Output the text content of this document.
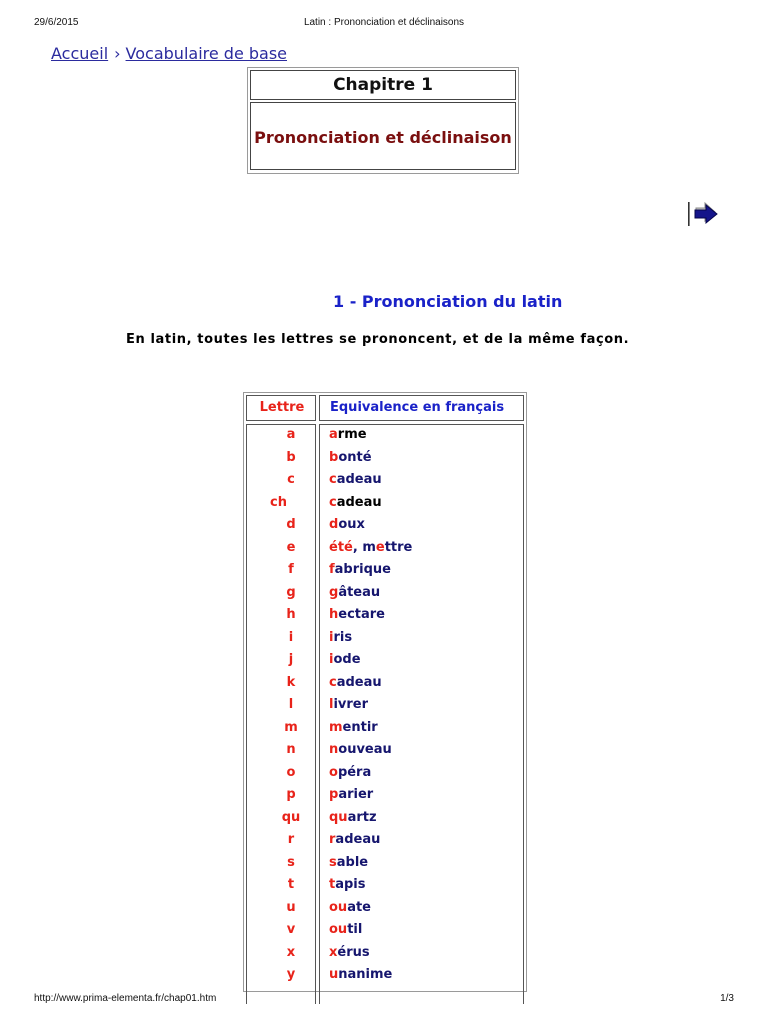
29/6/2015	Latin : Prononciation et déclinaisons
Accueil › Vocabulaire de base
Chapitre 1
Prononciation et déclinaison
1 - Prononciation du latin
En latin, toutes les lettres se prononcent, et de la même façon.
Lettre	Equivalence en français
a	arme
b	bonté
c	cadeau
ch	cadeau
d	doux
e	été, mettre
f	fabrique
g	gâteau
h	hectare
i	iris
j	iode
k	cadeau
l	livrer
m	mentir
n	nouveau
o	opéra
p	parier
qu	quartz
r	radeau
s	sable
t	tapis
u	ouate
v	outil
x	xérus
y	unanime
http://www.prima-elementa.fr/chap01.htm	1/3
